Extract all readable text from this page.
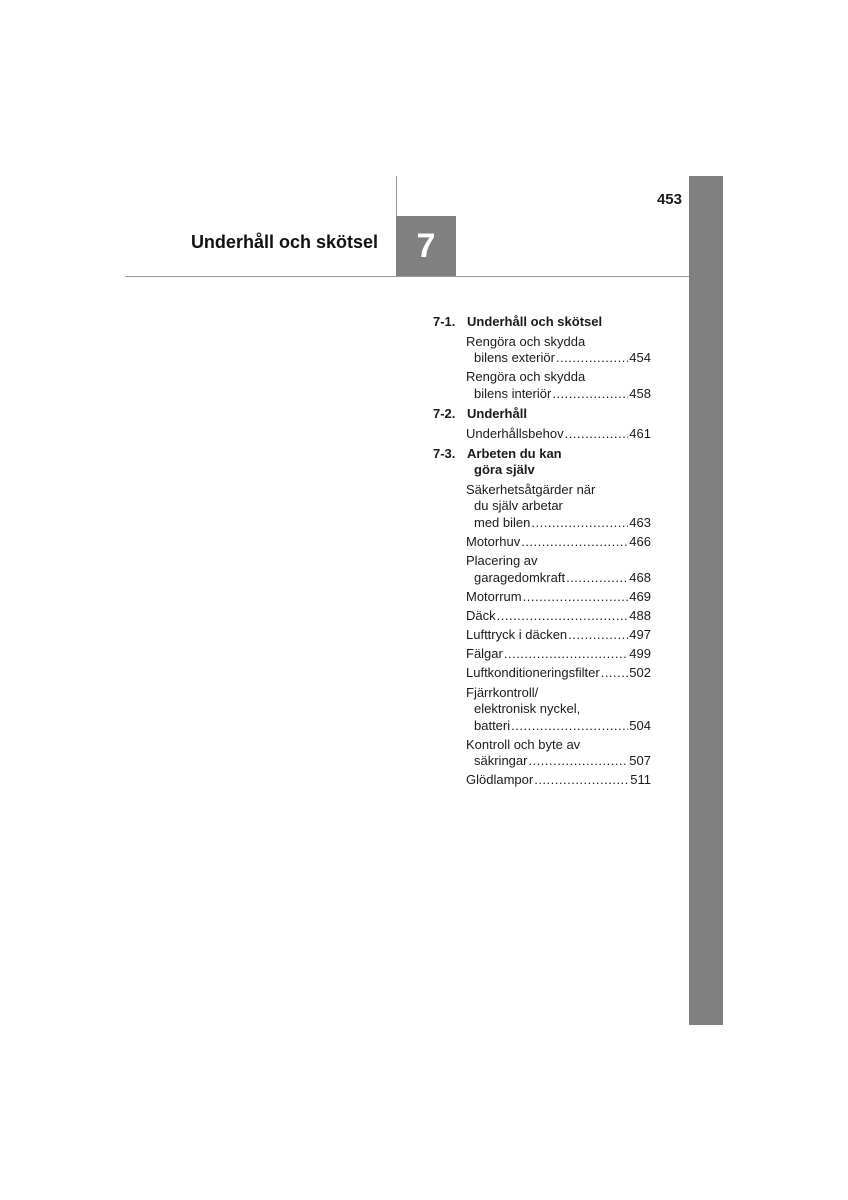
453
Underhåll och skötsel	7
7-1. Underhåll och skötsel
Rengöra och skydda
bilens exteriör .....	454
Rengöra och skydda
bilens interiör .....	458
7-2. Underhåll
Underhållsbehov .....	461
7-3. Arbeten du kan
göra själv
Säkerhetsåtgärder när
du själv arbetar
med bilen .....	463
Motorhuv .....	466
Placering av
garagedomkraft .....	468
Motorrum .....	469
Däck .....	488
Lufttryck i däcken .....	497
Fälgar .....	499
Luftkonditioneringsfilter ..... 502
Fjärrkontroll/
elektronisk nyckel,
batteri .....	504
Kontroll och byte av
säkringar .....	507
Glödlampor .....	511
